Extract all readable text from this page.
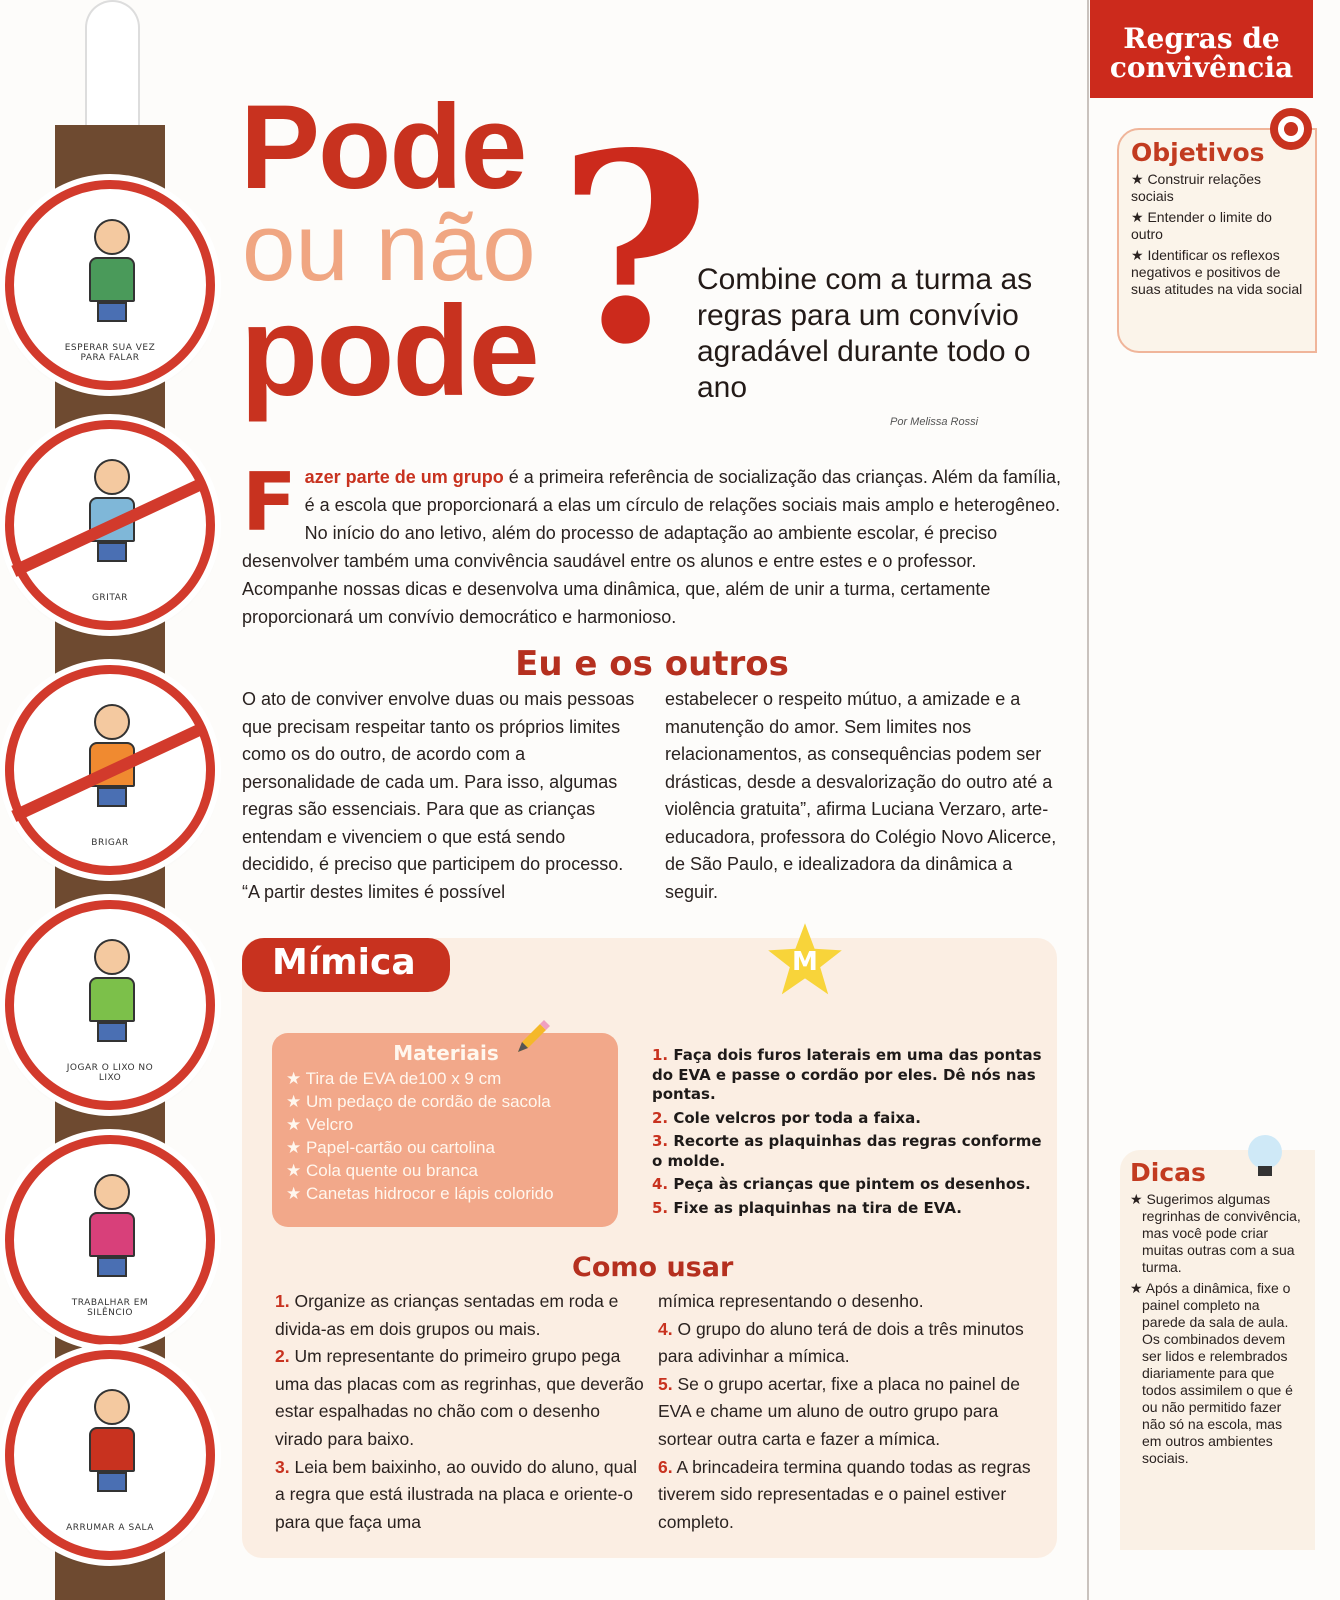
ESPERAR SUA VEZ PARA FALAR
GRITAR
BRIGAR
JOGAR O LIXO NO LIXO
TRABALHAR EM SILÊNCIO
ARRUMAR A SALA
Pode
ou não
pode ?
Combine com a turma as regras para um convívio agradável durante todo o ano
Por Melissa Rossi
Fazer parte de um grupo é a primeira referência de socialização das crianças. Além da família, é a escola que proporcionará a elas um círculo de relações sociais mais amplo e heterogêneo. No início do ano letivo, além do processo de adaptação ao ambiente escolar, é preciso desenvolver também uma convivência saudável entre os alunos e entre estes e o professor. Acompanhe nossas dicas e desenvolva uma dinâmica, que, além de unir a turma, certamente proporcionará um convívio democrático e harmonioso.
Eu e os outros
O ato de conviver envolve duas ou mais pessoas que precisam respeitar tanto os próprios limites como os do outro, de acordo com a personalidade de cada um. Para isso, algumas regras são essenciais. Para que as crianças entendam e vivenciem o que está sendo decidido, é preciso que participem do processo. “A partir destes limites é possível
estabelecer o respeito mútuo, a amizade e a manutenção do amor. Sem limites nos relacionamentos, as consequências podem ser drásticas, desde a desvalorização do outro até a violência gratuita”, afirma Luciana Verzaro, arte-educadora, professora do Colégio Novo Alicerce, de São Paulo, e idealizadora da dinâmica a seguir.
Mímica	M
Materiais
★ Tira de EVA de100 x 9 cm
★ Um pedaço de cordão de sacola
★ Velcro
★ Papel-cartão ou cartolina
★ Cola quente ou branca
★ Canetas hidrocor e lápis colorido
1. Faça dois furos laterais em uma das pontas do EVA e passe o cordão por eles. Dê nós nas pontas.
2. Cole velcros por toda a faixa.
3. Recorte as plaquinhas das regras conforme o molde.
4. Peça às crianças que pintem os desenhos.
5. Fixe as plaquinhas na tira de EVA.
Como usar
1. Organize as crianças sentadas em roda e divida-as em dois grupos ou mais.
2. Um representante do primeiro grupo pega uma das placas com as regrinhas, que deverão estar espalhadas no chão com o desenho virado para baixo.
3. Leia bem baixinho, ao ouvido do aluno, qual a regra que está ilustrada na placa e oriente-o para que faça uma
mímica representando o desenho.
4. O grupo do aluno terá de dois a três minutos para adivinhar a mímica.
5. Se o grupo acertar, fixe a placa no painel de EVA e chame um aluno de outro grupo para sortear outra carta e fazer a mímica.
6. A brincadeira termina quando todas as regras tiverem sido representadas e o painel estiver completo.
Regras de convivência
Objetivos

★ Construir relações sociais

★ Entender o limite do outro

★ Identificar os reflexos negativos e positivos de suas atitudes na vida social

Dicas

★ Sugerimos algumas regrinhas de convivência, mas você pode criar muitas outras com a sua turma.

★ Após a dinâmica, fixe o painel completo na parede da sala de aula. Os combinados devem ser lidos e relembrados diariamente para que todos assimilem o que é ou não permitido fazer não só na escola, mas em outros ambientes sociais.
